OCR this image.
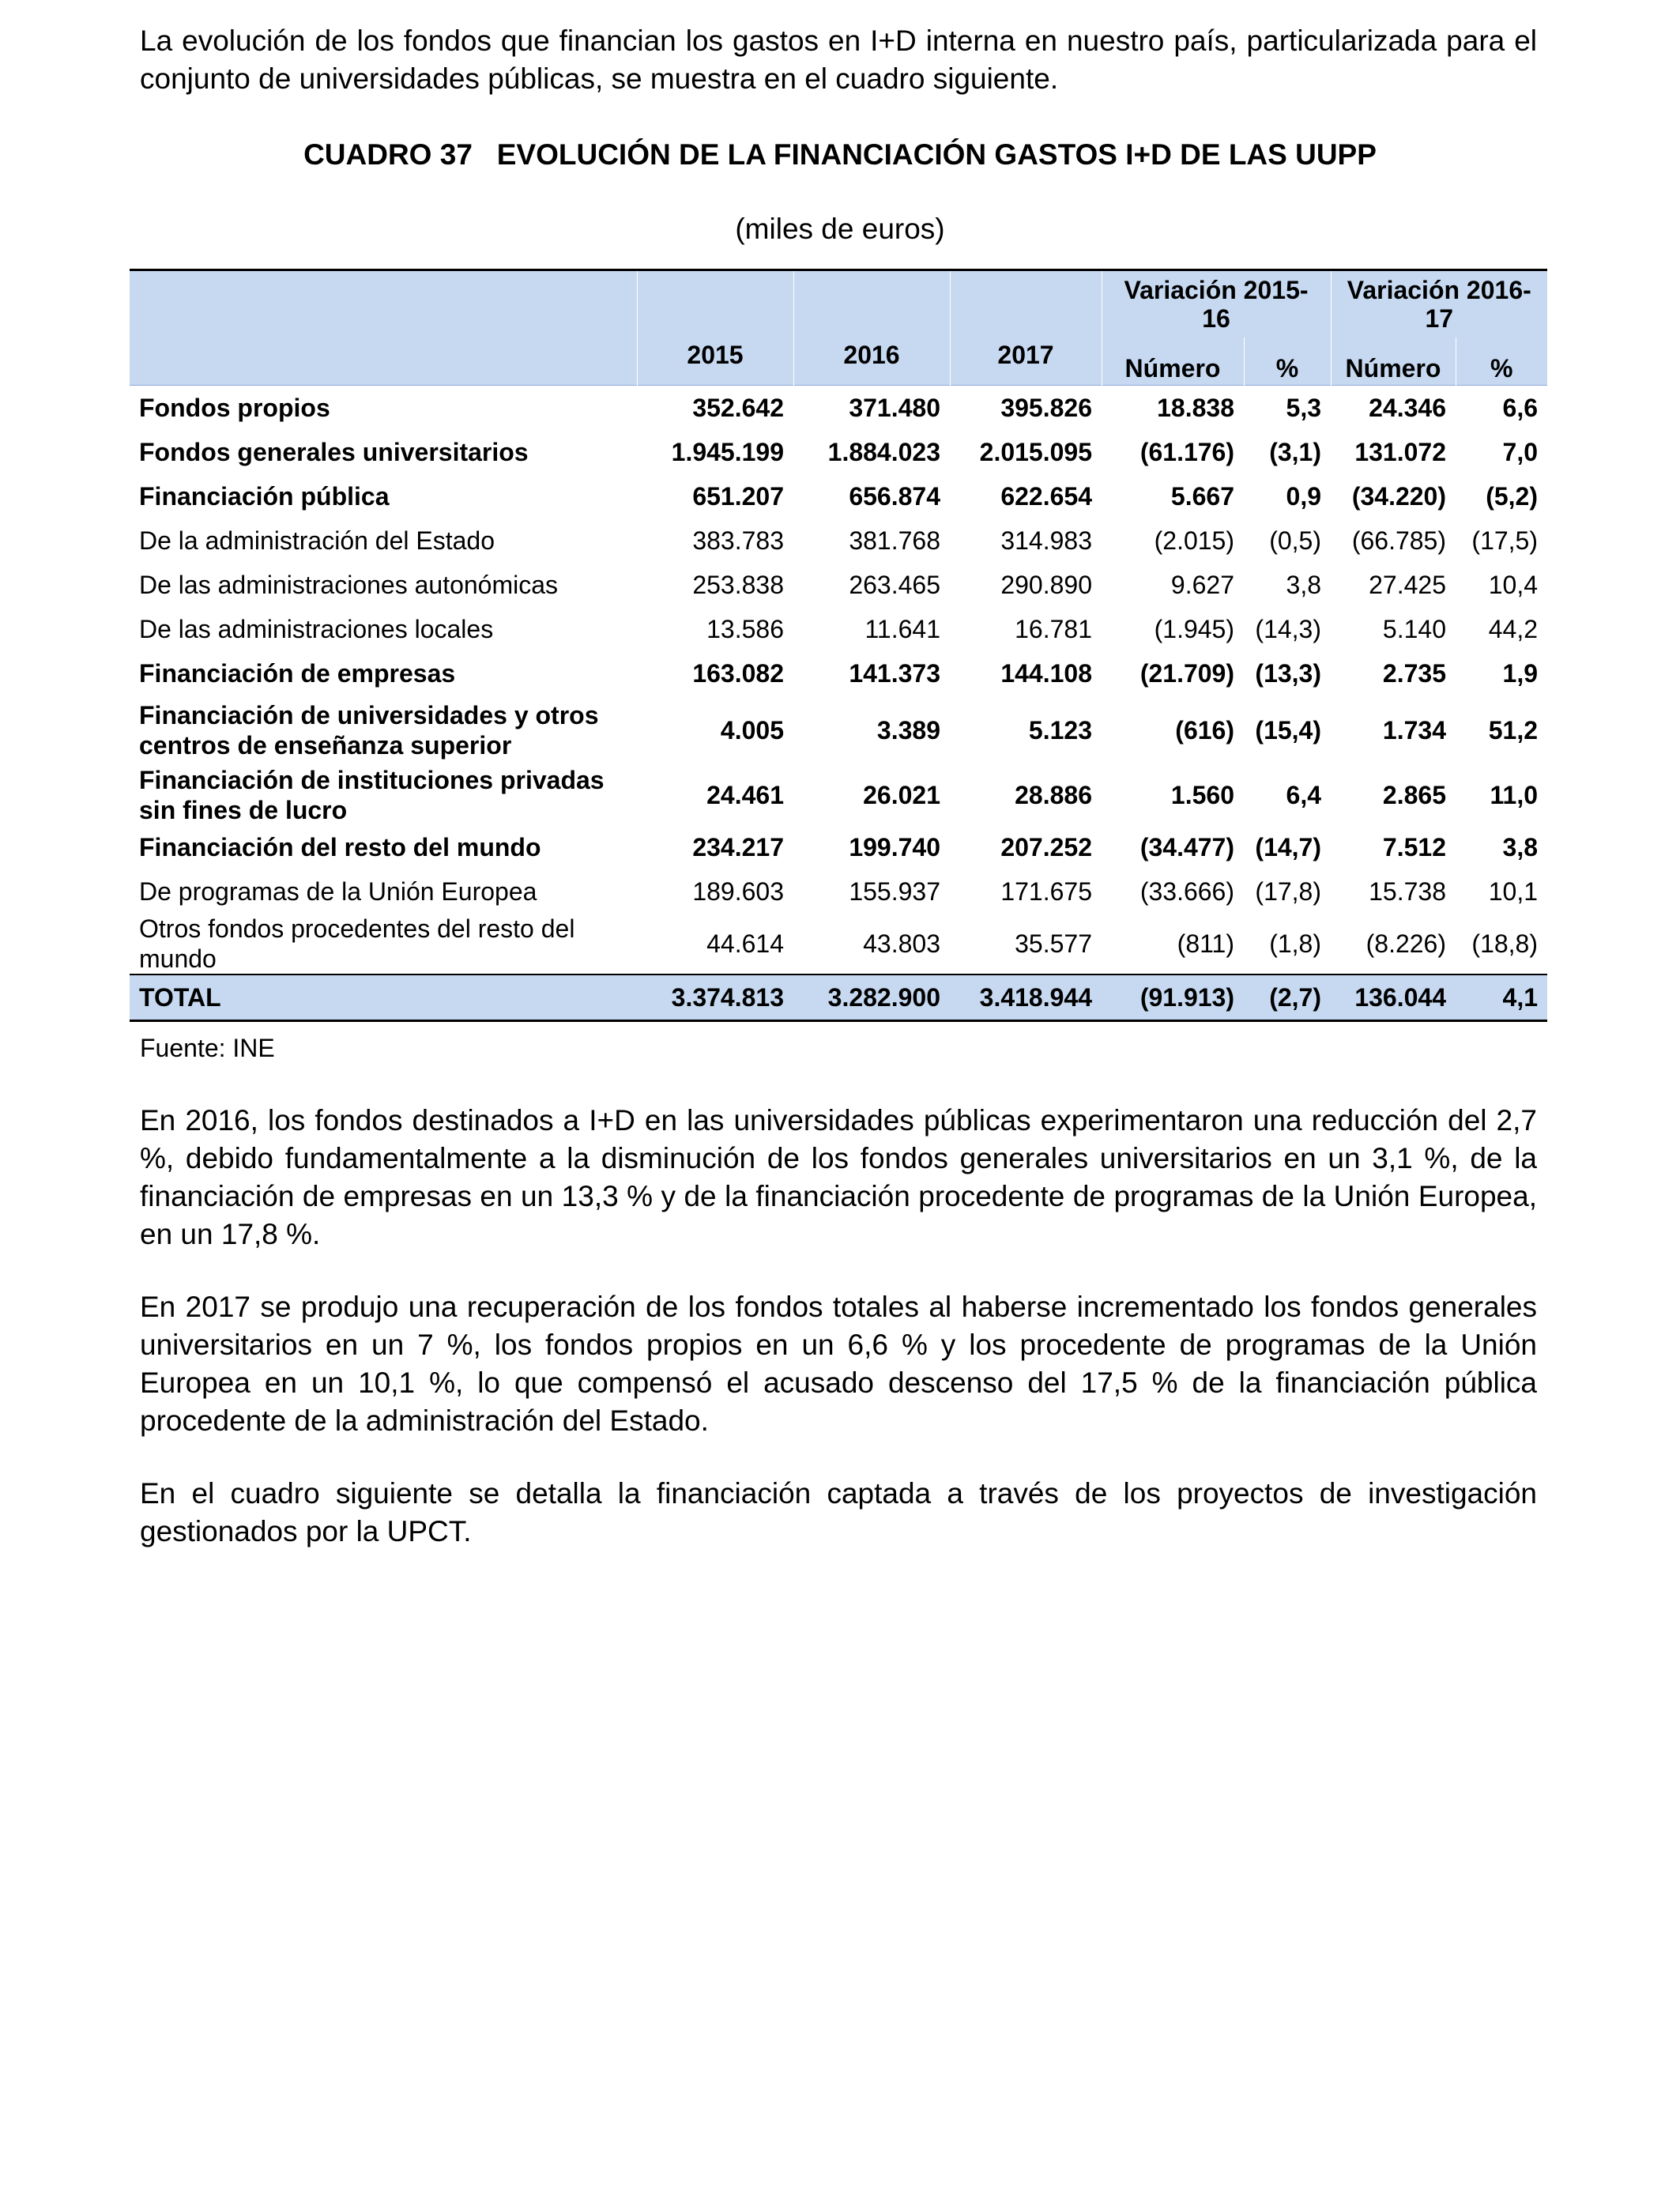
La evolución de los fondos que financian los gastos en I+D interna en nuestro país, particularizada para el conjunto de universidades públicas, se muestra en el cuadro siguiente.

CUADRO 37   EVOLUCIÓN DE LA FINANCIACIÓN GASTOS I+D DE LAS UUPP

(miles de euros)

				Variación 2015-16		Variación 2016-17	
	2015	2016	2017	Número	%	Número	%
Fondos propios	352.642	371.480	395.826	18.838	5,3	24.346	6,6
Fondos generales universitarios	1.945.199	1.884.023	2.015.095	(61.176)	(3,1)	131.072	7,0
Financiación pública	651.207	656.874	622.654	5.667	0,9	(34.220)	(5,2)
De la administración del Estado	383.783	381.768	314.983	(2.015)	(0,5)	(66.785)	(17,5)
De las administraciones autonómicas	253.838	263.465	290.890	9.627	3,8	27.425	10,4
De las administraciones locales	13.586	11.641	16.781	(1.945)	(14,3)	5.140	44,2
Financiación de empresas	163.082	141.373	144.108	(21.709)	(13,3)	2.735	1,9
Financiación de universidades y otros centros de enseñanza superior	4.005	3.389	5.123	(616)	(15,4)	1.734	51,2
Financiación de instituciones privadas sin fines de lucro	24.461	26.021	28.886	1.560	6,4	2.865	11,0
Financiación del resto del mundo	234.217	199.740	207.252	(34.477)	(14,7)	7.512	3,8
De programas de la Unión Europea	189.603	155.937	171.675	(33.666)	(17,8)	15.738	10,1
Otros fondos procedentes del resto del mundo	44.614	43.803	35.577	(811)	(1,8)	(8.226)	(18,8)
TOTAL	3.374.813	3.282.900	3.418.944	(91.913)	(2,7)	136.044	4,1

Fuente: INE

En 2016, los fondos destinados a I+D en las universidades públicas experimentaron una reducción del 2,7 %, debido fundamentalmente a la disminución de los fondos generales universitarios en un 3,1 %, de la financiación de empresas en un 13,3 % y de la financiación procedente de programas de la Unión Europea, en un 17,8 %.

En 2017 se produjo una recuperación de los fondos totales al haberse incrementado los fondos generales universitarios en un 7 %, los fondos propios en un 6,6 % y los procedente de programas de la Unión Europea en un 10,1 %, lo que compensó el acusado descenso del 17,5 % de la financiación pública procedente de la administración del Estado.

En el cuadro siguiente se detalla la financiación captada a través de los proyectos de investigación gestionados por la UPCT.
